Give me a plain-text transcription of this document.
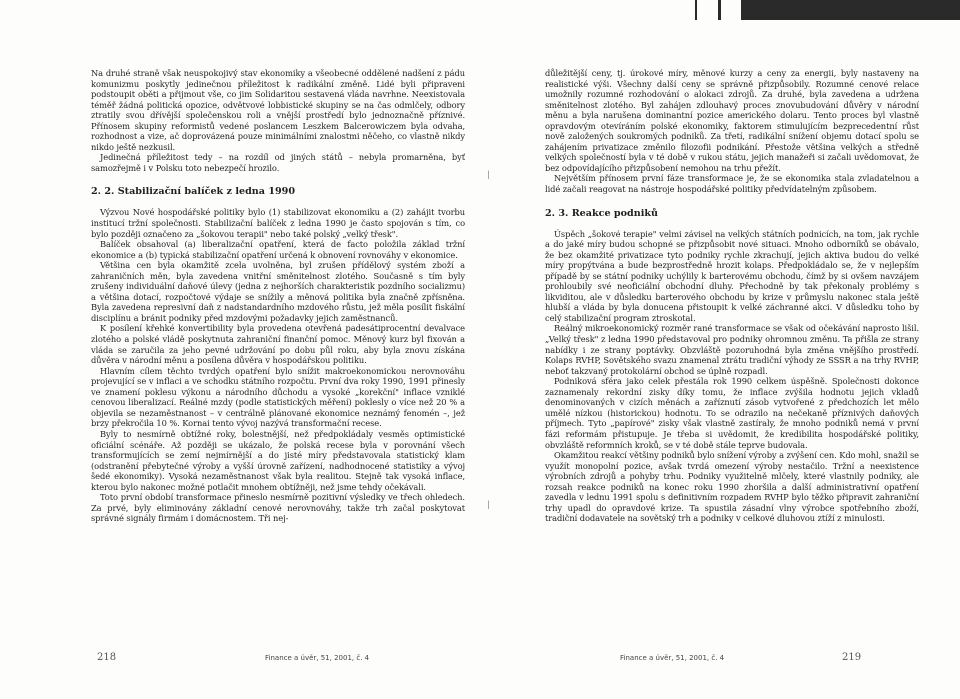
Na druhé straně však neuspokojivý stav ekonomiky a všeobecné oddělené nadšení z pádu komunizmu poskytly jedinečnou příležitost k radikální změně. Lidé byli připraveni podstoupit oběti a přijmout vše, co jim Solidaritou sestavená vláda navrhne. Neexistovala téměř žádná politická opozice, odvětvové lobbistické skupiny se na čas odmlčely, odbory ztratily svou dřívější společenskou roli a vnější prostředí bylo jednoznačně příznivé. Přínosem skupiny reformistů vedené poslancem Leszkem Balcerowiczem byla odvaha, rozhodnost a vize, ač doprovázená pouze minimálními znalostmi něčeho, co vlastně nikdy nikdo ještě nezkusil.

Jedinečná příležitost tedy – na rozdíl od jiných států – nebyla promarněna, byť samozřejmě i v Polsku toto nebezpečí hrozilo.

2. 2. Stabilizační balíček z ledna 1990

Výzvou Nové hospodářské politiky bylo (1) stabilizovat ekonomiku a (2) zahájit tvorbu institucí tržní společnosti. Stabilizační balíček z ledna 1990 je často spojován s tím, co bylo později označeno za „šokovou terapii" nebo také polský „velký třesk".

Balíček obsahoval (a) liberalizační opatření, která de facto položila základ tržní ekonomice a (b) typická stabilizační opatření určená k obnovení rovnováhy v ekonomice.

Většina cen byla okamžitě zcela uvolněna, byl zrušen přídělový systém zboží a zahraničních měn, byla zavedena vnitřní směnitelnost zlotého. Současně s tím byly zrušeny individuální daňové úlevy (jedna z nejhorších charakteristik pozdního socializmu) a většina dotací, rozpočtové výdaje se snížily a měnová politika byla značně zpřísněna. Byla zavedena represivní daň z nadstandardního mzdového růstu, jež měla posílit fiskální disciplínu a bránit podniky před mzdovými požadavky jejich zaměstnanců.

K posílení křehké konvertibility byla provedena otevřená padesátiprocentní devalvace zlotého a polské vládě poskytnuta zahraniční finanční pomoc. Měnový kurz byl fixován a vláda se zaručila za jeho pevné udržování po dobu půl roku, aby byla znovu získána důvěra v národní měnu a posílena důvěra v hospodářskou politiku.

Hlavním cílem těchto tvrdých opatření bylo snížit makroekonomickou nerovnováhu projevující se v inflaci a ve schodku státního rozpočtu. První dva roky 1990, 1991 přinesly ve znamení poklesu výkonu a národního důchodu a vysoké „korekční" inflace vzniklé cenovou liberalizací. Reálné mzdy (podle statistických měření) poklesly o více než 20 % a objevila se nezaměstnanost – v centrálně plánované ekonomice neznámý fenomén –, jež brzy překročila 10 %. Kornai tento vývoj nazývá transformační recese.

Byly to nesmírně obtížné roky, bolestnější, než předpokládaly vesměs optimistické oficiální scénáře. Až později se ukázalo, že polská recese byla v porovnání všech transformujících se zemí nejmírnější a do jisté míry představovala statistický klam (odstranění přebytečné výroby a vyšší úrovně zařízení, nadhodnocené statistiky a vývoj šedé ekonomiky). Vysoká nezaměstnanost však byla realitou. Stejně tak vysoká inflace, kterou bylo nakonec možné potlačit mnohem obtížněji, než jsme tehdy očekávali.

Toto první období transformace přineslo nesmírně pozitivní výsledky ve třech ohledech. Za prvé, byly eliminovány základní cenové nerovnováhy, takže trh začal poskytovat správné signály firmám i domácnostem. Tři nej-

důležitější ceny, tj. úrokové míry, měnové kurzy a ceny za energii, byly nastaveny na realistické výši. Všechny další ceny se správně přizpůsobily. Rozumné cenové relace umožnily rozumné rozhodování o alokaci zdrojů. Za druhé, byla zavedena a udržena směnitelnost zlotého. Byl zahájen zdlouhavý proces znovubudování důvěry v národní měnu a byla narušena dominantní pozice amerického dolaru. Tento proces byl vlastně opravdovým otevíráním polské ekonomiky, faktorem stimulujícím bezprecedentní růst nově založených soukromých podniků. Za třetí, radikální snížení objemu dotací spolu se zahájením privatizace změnilo filozofii podnikání. Přestože většina velkých a středně velkých společností byla v té době v rukou státu, jejich manažeři si začali uvědomovat, že bez odpovídajícího přizpůsobení nemohou na trhu přežít.

Největším přínosem první fáze transformace je, že se ekonomika stala zvladatelnou a lidé začali reagovat na nástroje hospodářské politiky předvídatelným způsobem.

2. 3. Reakce podniků

Úspěch „šokové terapie" velmi závisel na velkých státních podnicích, na tom, jak rychle a do jaké míry budou schopné se přizpůsobit nové situaci. Mnoho odborníků se obávalo, že bez okamžité privatizace tyto podniky rychle zkrachují, jejich aktiva budou do velké míry propýtvána a bude bezprostředně hrozit kolaps. Předpokládalo se, že v nejlepším případě by se státní podniky uchýlily k barterovému obchodu, čímž by si ovšem navzájem prohloubily své neoficiální obchodní dluhy. Přechodně by tak překonaly problémy s likviditou, ale v důsledku barterového obchodu by krize v průmyslu nakonec stala ještě hlubší a vláda by byla donucena přistoupit k velké záchranné akci. V důsledku toho by celý stabilizační program ztroskotal.

Reálný mikroekonomický rozměr rané transformace se však od očekávání naprosto lišil. „Velký třesk" z ledna 1990 představoval pro podniky ohromnou změnu. Ta přišla ze strany nabídky i ze strany poptávky. Obzvláště pozoruhodná byla změna vnějšího prostředí. Kolaps RVHP, Sovětského svazu znamenal ztrátu tradiční výhody ze SSSR a na trhy RVHP, neboť takzvaný protokolární obchod se úplně rozpadl.

Podniková sféra jako celek přestála rok 1990 celkem úspěšně. Společnosti dokonce zaznamenaly rekordní zisky díky tomu, že inflace zvýšila hodnotu jejich vkladů denominovaných v cizích měnách a zaříznutí zásob vytvořené z předchozích let mělo umělé nízkou (historickou) hodnotu. To se odrazilo na nečekaně příznivých daňových příjmech. Tyto „papírové" zisky však vlastně zastíraly, že mnoho podniků nemá v první fázi reformám přistupuje. Je třeba si uvědomit, že kredibilita hospodářské politiky, obvzláště reformních kroků, se v té době stále teprve budovala.

Okamžitou reakcí většiny podniků bylo snížení výroby a zvýšení cen. Kdo mohl, snažil se využít monopolní pozice, avšak tvrdá omezení výroby nestačilo. Tržní a neexistence výrobních zdrojů a pohyby trhu. Podniky využitelně mlčely, které vlastnily podniky, ale rozsah reakce podniků na konec roku 1990 zhoršila a další administrativní opatření zavedla v lednu 1991 spolu s definitivním rozpadem RVHP bylo těžko připravit zahraniční trhy upadl do opravdové krize. Ta spustila zásadní vlny výrobce spotřebního zboží, tradiční dodavatele na sovětský trh a podniky v celkové dluhovou ztíží z minulosti.

|
|
218	Finance a úvěr, 51, 2001, č. 4	Finance a úvěr, 51, 2001, č. 4	219
